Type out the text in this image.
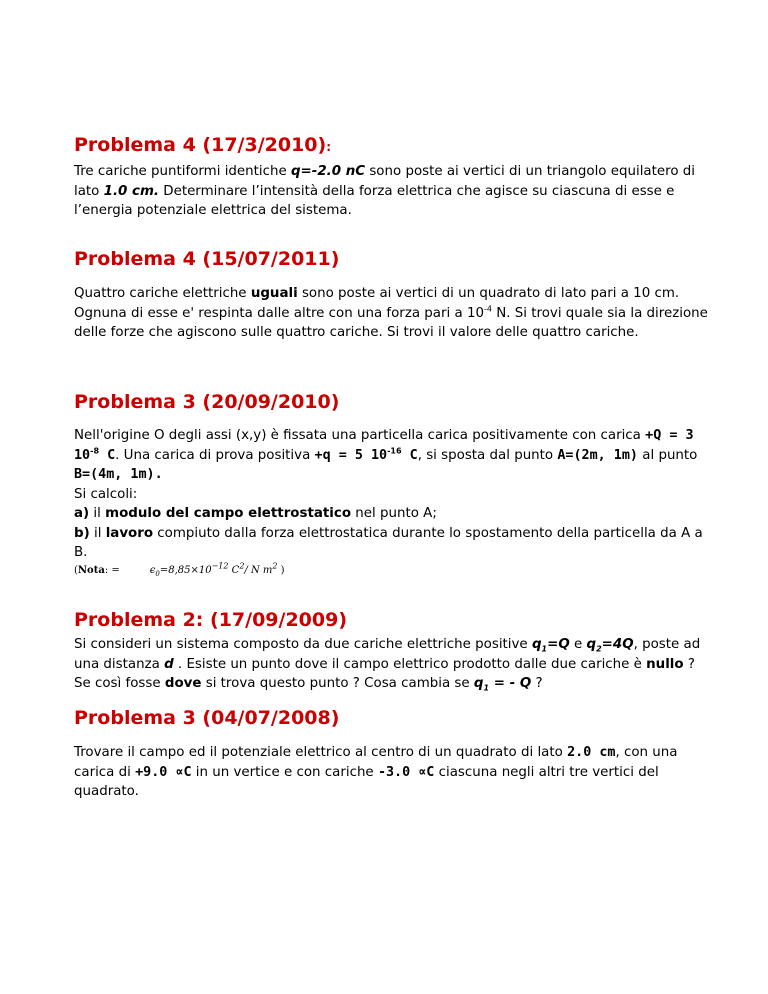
Problema 4 (17/3/2010):

Tre cariche puntiformi identiche q=-2.0 nC sono poste ai vertici di un triangolo equilatero di lato 1.0 cm. Determinare l’intensità della forza elettrica che agisce su ciascuna di esse e l’energia potenziale elettrica del sistema.

Problema 4 (15/07/2011)

Quattro cariche elettriche uguali sono poste ai vertici di un quadrato di lato pari a 10 cm. Ognuna di esse e' respinta dalle altre con una forza pari a $10^{-4}$ N. Si trovi quale sia la direzione delle forze che agiscono sulle quattro cariche. Si trovi il valore delle quattro cariche.

Problema 3 (20/09/2010)

Nell'origine O degli assi (x,y) è fissata una particella carica positivamente con carica +Q = 3 $10^{-8}$ C. Una carica di prova positiva +q = 5 $10^{-16}$ C, si sposta dal punto A=(2m, 1m) al punto B=(4m, 1m).
Si calcoli:
a) il modulo del campo elettrostatico nel punto A;
b) il lavoro compiuto dalla forza elettrostatica durante lo spostamento della particella da A a B.

(Nota: =	$\epsilon_0=8,85\times 10^{-12}$ $C^2/$ N $m^2$ )

Problema 2: (17/09/2009)

Si consideri un sistema composto da due cariche elettriche positive $q_1=Q$ e $q_2=4Q$, poste ad una distanza d . Esiste un punto dove il campo elettrico prodotto dalle due cariche è nullo ? Se così fosse dove si trova questo punto ? Cosa cambia se $q_1$ = - Q ?

Problema 3 (04/07/2008)

Trovare il campo ed il potenziale elettrico al centro di un quadrato di lato 2.0 cm, con una carica di +9.0 ∝C in un vertice e con cariche -3.0 ∝C ciascuna negli altri tre vertici del quadrato.
